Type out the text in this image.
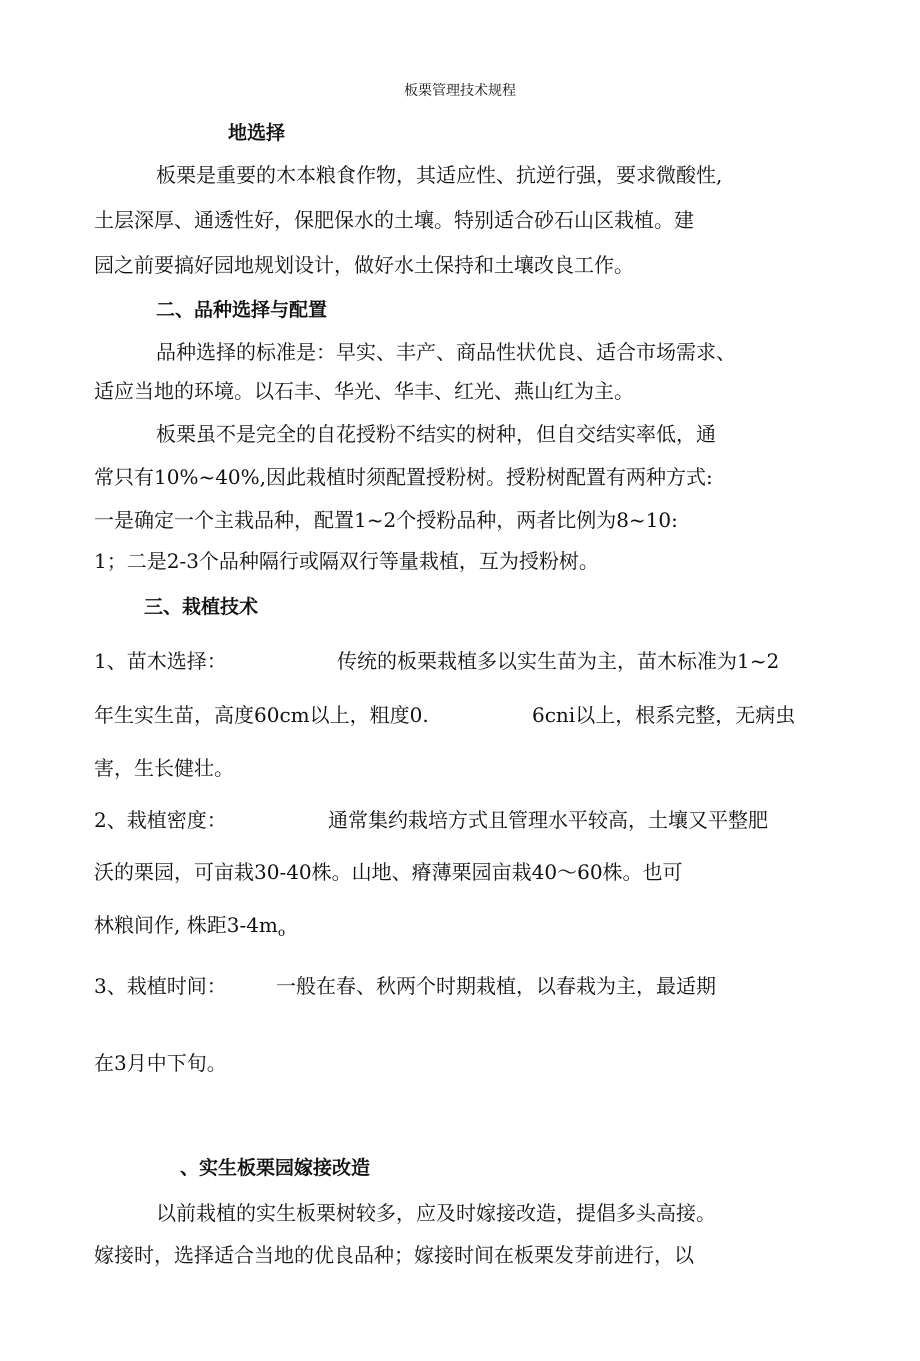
板栗管理技术规程
地选择
板栗是重要的木本粮食作物，其适应性、抗逆行强，要求微酸性,
土层深厚、通透性好，保肥保水的土壤。特别适合砂石山区栽植。建
园之前要搞好园地规划设计，做好水土保持和土壤改良工作。
二、品种选择与配置
品种选择的标准是：早实、丰产、商品性状优良、适合市场需求、
适应当地的环境。以石丰、华光、华丰、红光、燕山红为主。
板栗虽不是完全的自花授粉不结实的树种，但自交结实率低，通
常只有10%~40%,因此栽植时须配置授粉树。授粉树配置有两种方式:
一是确定一个主栽品种，配置1~2个授粉品种，两者比例为8~10:
1；二是2-3个品种隔行或隔双行等量栽植，互为授粉树。
三、栽植技术
1、苗木选择：	传统的板栗栽植多以实生苗为主，苗木标准为1~2
年生实生苗，高度60cm以上，粗度0.	6cni以上，根系完整，无病虫
害，生长健壮。
2、栽植密度：	通常集约栽培方式且管理水平较高，土壤又平整肥
沃的栗园，可亩栽30-40株。山地、瘠薄栗园亩栽40〜60株。也可
林粮间作, 株距$3-4m_o$
3、栽植时间： 一般在春、秋两个时期栽植，以春栽为主，最适期
在3月中下旬。
、实生板栗园嫁接改造
以前栽植的实生板栗树较多，应及时嫁接改造，提倡多头高接。
嫁接时，选择适合当地的优良品种；嫁接时间在板栗发芽前进行，以
